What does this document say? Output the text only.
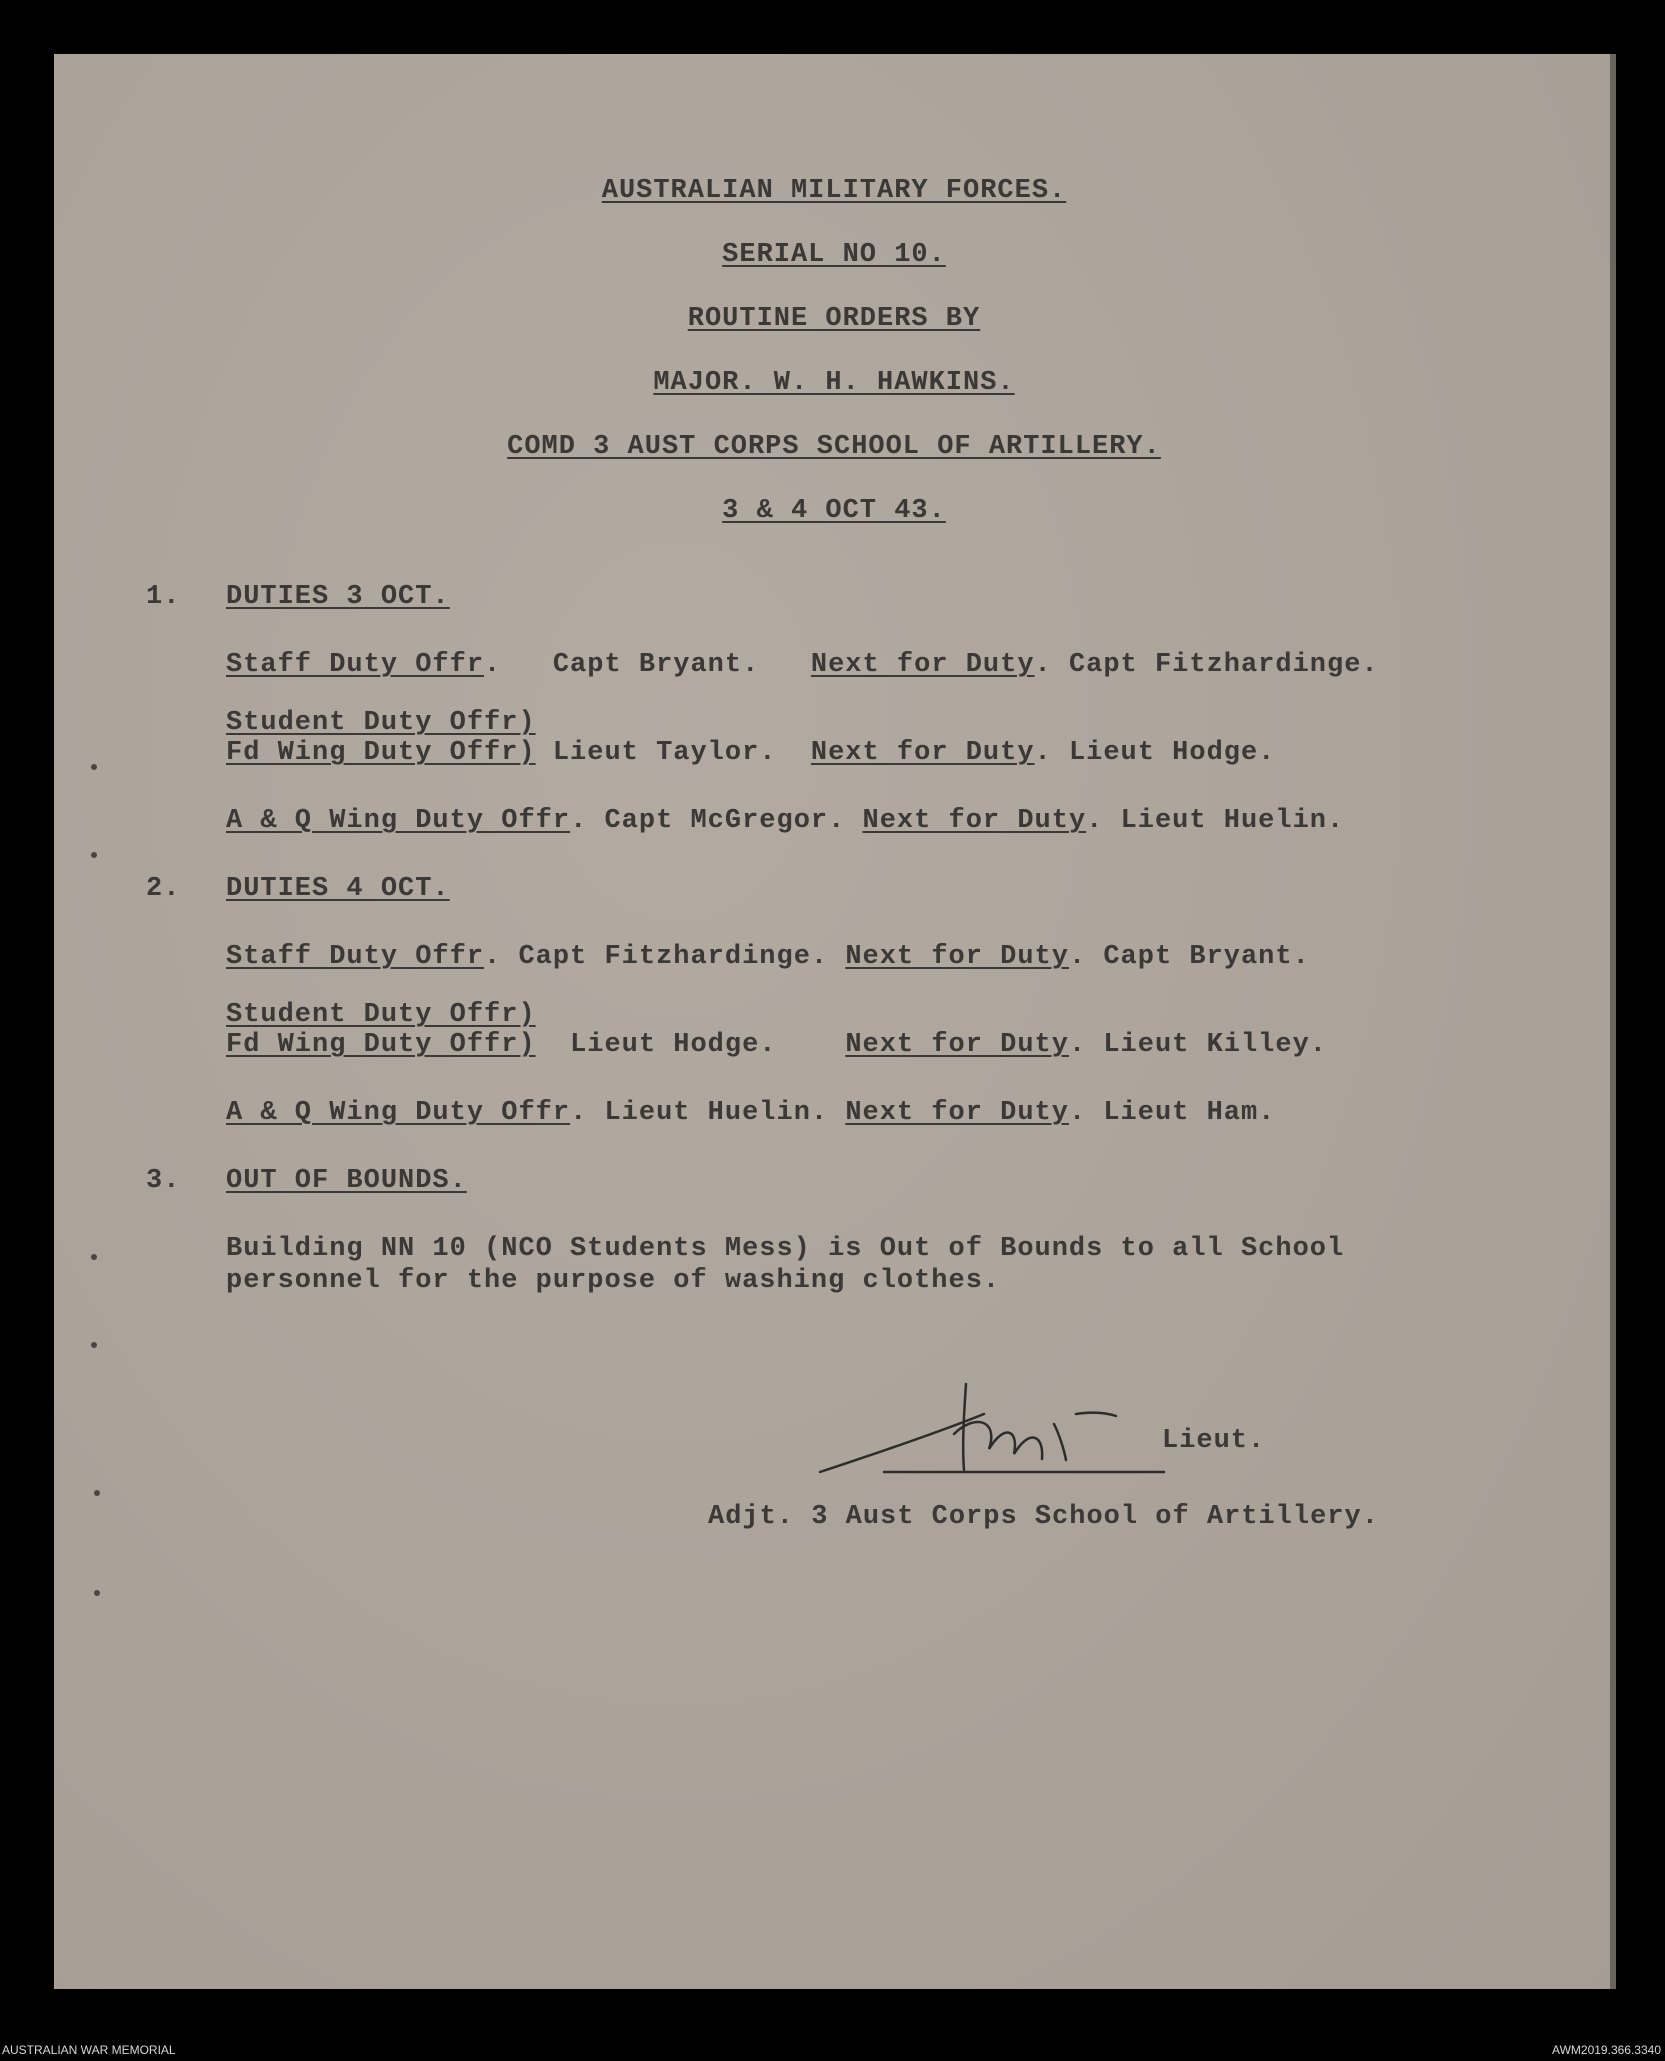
AUSTRALIAN MILITARY FORCES.
SERIAL NO 10.
ROUTINE ORDERS BY
MAJOR. W. H. HAWKINS.
COMD 3 AUST CORPS SCHOOL OF ARTILLERY.
3 & 4 OCT 43.
1. DUTIES 3 OCT.
Staff Duty Offr.   Capt Bryant. Next for Duty. Capt Fitzhardinge.
Student Duty Offr)
Fd Wing Duty Offr) Lieut Taylor. Next for Duty. Lieut Hodge.
A & Q Wing Duty Offr. Capt McGregor. Next for Duty. Lieut Huelin.
2. DUTIES 4 OCT.
Staff Duty Offr. Capt Fitzhardinge. Next for Duty. Capt Bryant.
Student Duty Offr)
Fd Wing Duty Offr) Lieut Hodge.	Next for Duty. Lieut Killey.
A & Q Wing Duty Offr. Lieut Huelin. Next for Duty. Lieut Ham.
3. OUT OF BOUNDS.
Building NN 10 (NCO Students Mess) is Out of Bounds to all School
personnel for the purpose of washing clothes.
Lieut.
Adjt. 3 Aust Corps School of Artillery.
AUSTRALIAN WAR MEMORIAL	AWM2019.366.3340
